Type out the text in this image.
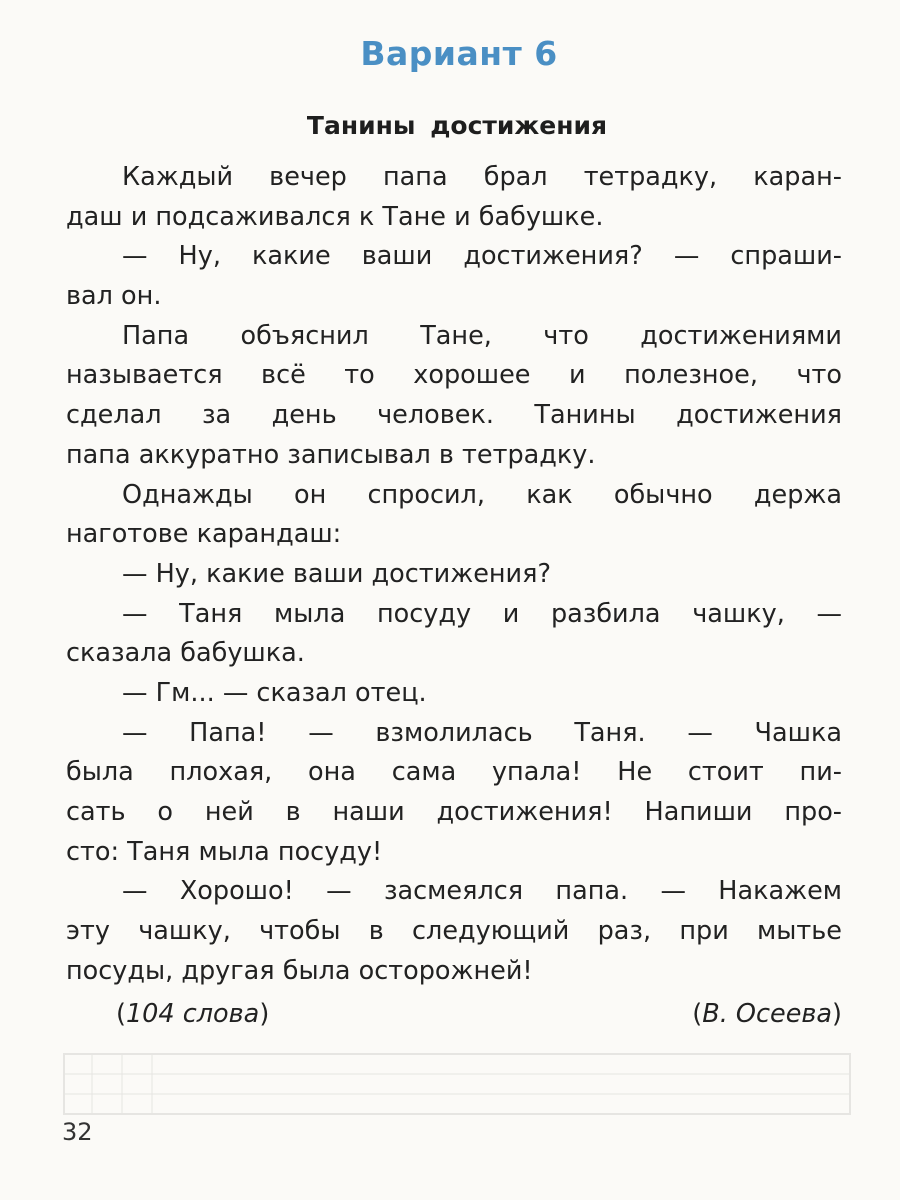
Вариант 6
Танины достижения
Каждый вечер папа брал тетрадку, каран-
даш и подсаживался к Тане и бабушке.
— Ну, какие ваши достижения? — спраши-
вал он.
Папа объяснил Тане, что достижениями
называется всё то хорошее и полезное, что
сделал за день человек. Танины достижения
папа аккуратно записывал в тетрадку.
Однажды он спросил, как обычно держа
наготове карандаш:
— Ну, какие ваши достижения?
— Таня мыла посуду и разбила чашку, —
сказала бабушка.
— Гм... — сказал отец.
— Папа! — взмолилась Таня. — Чашка
была плохая, она сама упала! Не стоит пи-
сать о ней в наши достижения! Напиши про-
сто: Таня мыла посуду!
— Хорошо! — засмеялся папа. — Накажем
эту чашку, чтобы в следующий раз, при мытье
посуды, другая была осторожней!
(104 слова)	(В. Осеева)
32
